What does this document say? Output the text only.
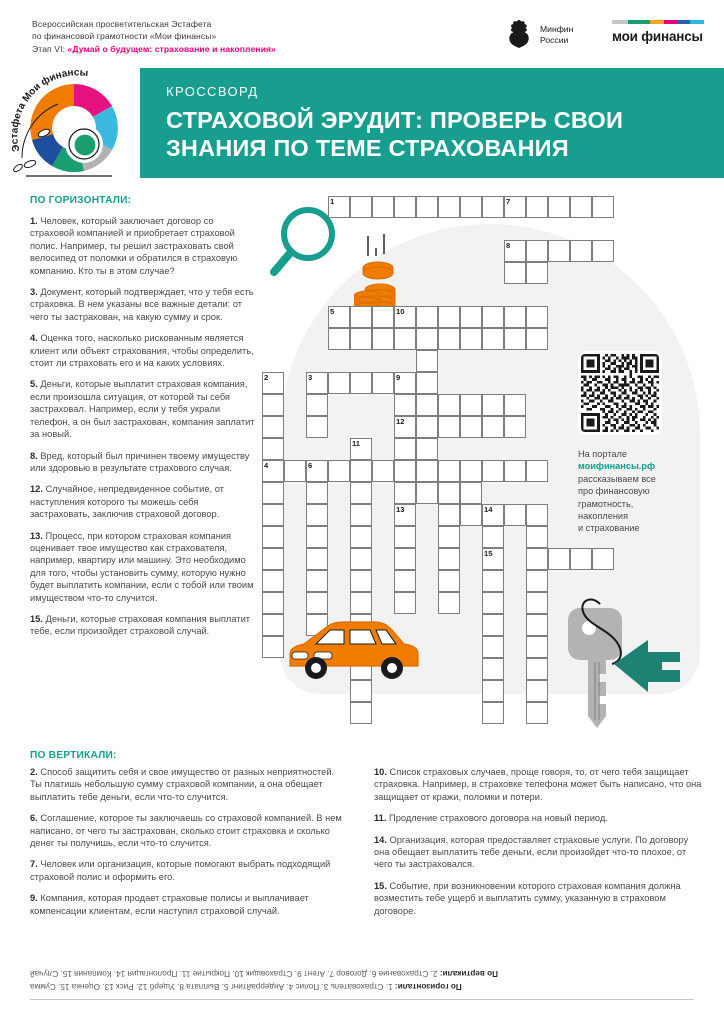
Всероссийская просветительская Эстафета
по финансовой грамотности «Мои финансы»
Этап VI: «Думай о будущем: страхование и накопления»
Минфин
России	мои финансы
КРОССВОРД
СТРАХОВОЙ ЭРУДИТ: ПРОВЕРЬ СВОИ ЗНАНИЯ ПО ТЕМЕ СТРАХОВАНИЯ
Эстафета Мои финансы
ПО ГОРИЗОНТАЛИ:
1. Человек, который заключает договор со страховой компанией и приобретает страховой полис. Например, ты решил застраховать свой велосипед от поломки и обратился в страховую компанию. Кто ты в этом случае?
3. Документ, который подтверждает, что у тебя есть страховка. В нем указаны все важные детали: от чего ты застрахован, на какую сумму и срок.
4. Оценка того, насколько рискованным является клиент или объект страхования, чтобы определить, стоит ли страховать его и на каких условиях.
5. Деньги, которые выплатит страховая компания, если произошла ситуация, от которой ты себя застраховал. Например, если у тебя украли телефон, а он был застрахован, компания заплатит за новый.
8. Вред, который был причинен твоему имуществу или здоровью в результате страхового случая.
12. Случайное, непредвиденное событие, от наступления которого ты можешь себя застраховать, заключив страховой договор.
13. Процесс, при котором страховая компания оценивает твое имущество как страхователя, например, квартиру или машину. Это необходимо для того, чтобы установить сумму, которую нужно будет выплатить компании, если с тобой или твоим имуществом что-то случится.
15. Деньги, которые страховая компания выплатит тебе, если произойдет страховой случай.
ПО ВЕРТИКАЛИ:
2. Способ защитить себя и свое имущество от разных неприятностей. Ты платишь небольшую сумму страховой компании, а она обещает выплатить тебе деньги, если что-то случится.
6. Соглашение, которое ты заключаешь со страховой компанией. В нем написано, от чего ты застрахован, сколько стоит страховка и сколько денег ты получишь, если что-то случится.
7. Человек или организация, которые помогают выбрать подходящий страховой полис и оформить его.
9. Компания, которая продает страховые полисы и выплачивает компенсации клиентам, если наступил страховой случай.
10. Список страховых случаев, проще говоря, то, от чего тебя защищает страховка. Например, в страховке телефона может быть написано, что она защищает от кражи, поломки и потери.
11. Продление страхового договора на новый период.
14. Организация, которая предоставляет страховые услуги. По договору она обещает выплатить тебе деньги, если произойдет что-то плохое, от чего ты застраховался.
15. Событие, при возникновении которого страховая компания должна возместить тебе ущерб и выплатить сумму, указанную в страховом договоре.
1	7
8
5	10
2	3	9
12
11
4	6
13	14
15
На портале
моифинансы.рф
рассказываем все
про финансовую
грамотность,
накопления
и страхование
По горизонтали: 1. Страхователь 3. Полис 4. Андеррайтинг 5. Выплата 8. Ущерб 12. Риск 13. Оценка 15. Сумма
По вертикали: 2. Страхование 6. Договор 7. Агент 9. Страховщик 10. Покрытие 11. Пролонгация 14. Компания 15. Случай
